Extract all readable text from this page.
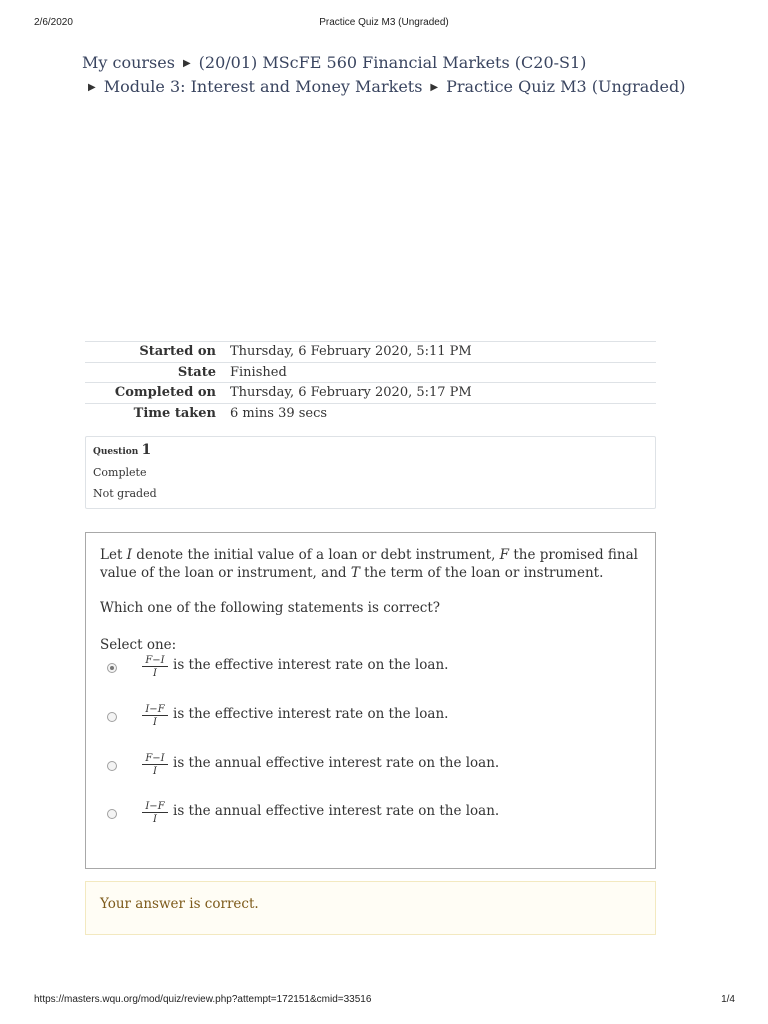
2/6/2020	Practice Quiz M3 (Ungraded)
My courses ▶ (20/01) MScFE 560 Financial Markets (C20-S1)
▶ Module 3: Interest and Money Markets ▶ Practice Quiz M3 (Ungraded)
Started on	Thursday, 6 February 2020, 5:11 PM
State	Finished
Completed on	Thursday, 6 February 2020, 5:17 PM
Time taken	6 mins 39 secs
Question 1
Complete
Not graded
Let I denote the initial value of a loan or debt instrument, F the promised final value of the loan or instrument, and T the term of the loan or instrument.
Which one of the following statements is correct?
Select one:
$\frac{F-I}{I}$ is the effective interest rate on the loan.
$\frac{I-F}{I}$ is the effective interest rate on the loan.
$\frac{F-I}{I}$ is the annual effective interest rate on the loan.
$\frac{I-F}{I}$ is the annual effective interest rate on the loan.
Your answer is correct.
https://masters.wqu.org/mod/quiz/review.php?attempt=172151&cmid=33516	1/4
